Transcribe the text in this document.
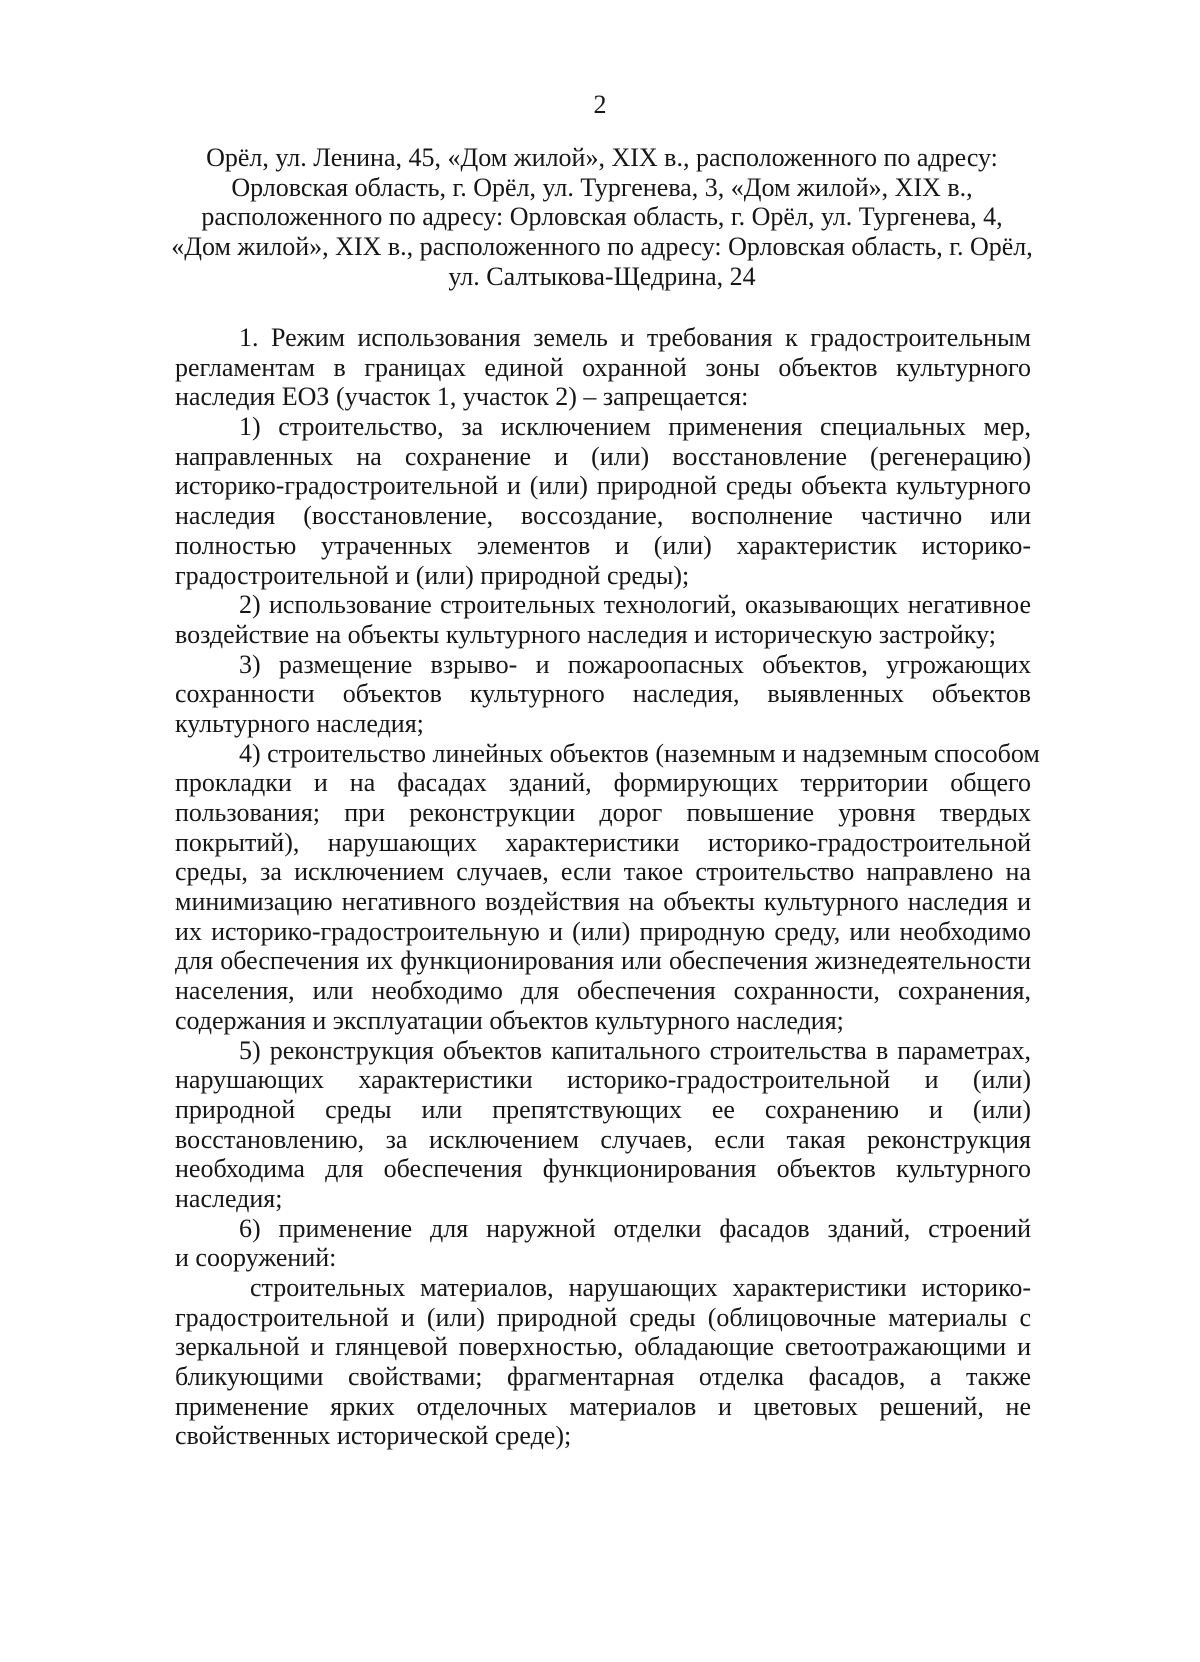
2
Орёл, ул. Ленина, 45, «Дом жилой», XIX в., расположенного по адресу:
Орловская область, г. Орёл, ул. Тургенева, 3, «Дом жилой», XIX в.,
расположенного по адресу: Орловская область, г. Орёл, ул. Тургенева, 4,
«Дом жилой», XIX в., расположенного по адресу: Орловская область, г. Орёл,
ул. Салтыкова-Щедрина, 24
1. Режим использования земель и требования к градостроительным
регламентам в границах единой охранной зоны объектов культурного
наследия ЕОЗ (участок 1, участок 2) – запрещается:
1) строительство, за исключением применения специальных мер,
направленных на сохранение и (или) восстановление (регенерацию)
историко-градостроительной и (или) природной среды объекта культурного
наследия (восстановление, воссоздание, восполнение частично или
полностью утраченных элементов и (или) характеристик историко-
градостроительной и (или) природной среды);
2) использование строительных технологий, оказывающих негативное
воздействие на объекты культурного наследия и историческую застройку;
3) размещение взрыво- и пожароопасных объектов, угрожающих
сохранности объектов культурного наследия, выявленных объектов
культурного наследия;
4) строительство линейных объектов (наземным и надземным способом
прокладки и на фасадах зданий, формирующих территории общего
пользования; при реконструкции дорог повышение уровня твердых
покрытий), нарушающих характеристики историко-градостроительной
среды, за исключением случаев, если такое строительство направлено на
минимизацию негативного воздействия на объекты культурного наследия и
их историко-градостроительную и (или) природную среду, или необходимо
для обеспечения их функционирования или обеспечения жизнедеятельности
населения, или необходимо для обеспечения сохранности, сохранения,
содержания и эксплуатации объектов культурного наследия;
5) реконструкция объектов капитального строительства в параметрах,
нарушающих характеристики историко-градостроительной и (или)
природной среды или препятствующих ее сохранению и (или)
восстановлению, за исключением случаев, если такая реконструкция
необходима для обеспечения функционирования объектов культурного
наследия;
6) применение для наружной отделки фасадов зданий, строений
и сооружений:
строительных материалов, нарушающих характеристики историко-
градостроительной и (или) природной среды (облицовочные материалы с
зеркальной и глянцевой поверхностью, обладающие светоотражающими и
бликующими свойствами; фрагментарная отделка фасадов, а также
применение ярких отделочных материалов и цветовых решений, не
свойственных исторической среде);
